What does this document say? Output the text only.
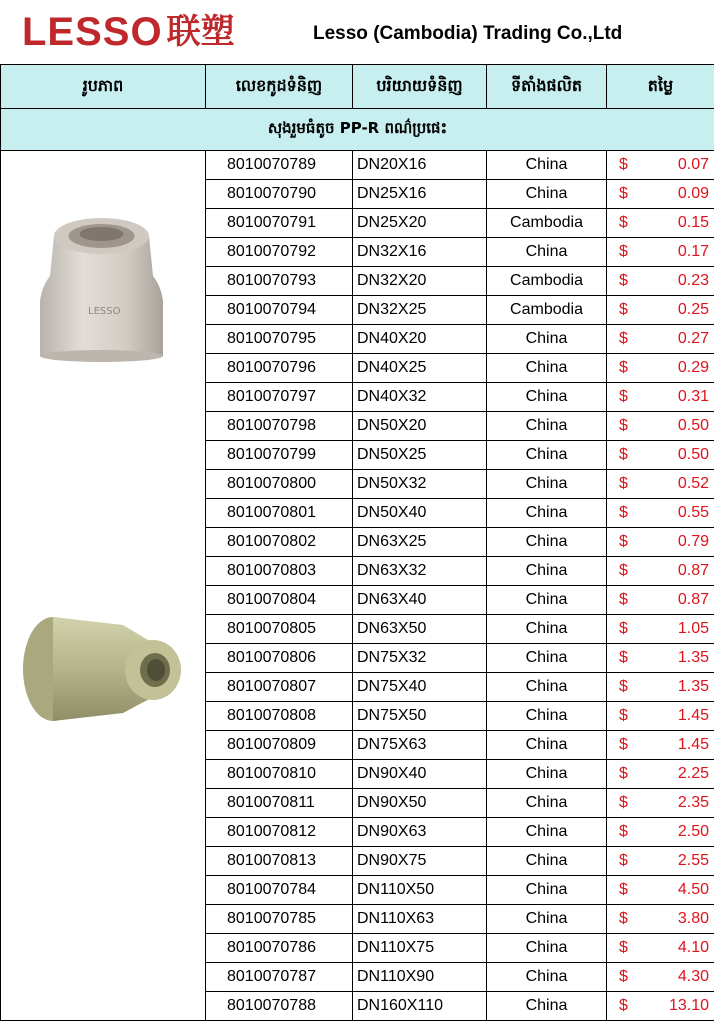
LESSO 联塑	Lesso (Cambodia) Trading Co.,Ltd
រូបភាព	លេខកូដទំនិញ	បរិយាយទំនិញ	ទីតាំងផលិត	តម្លៃ
សុងរួមធំតូច PP-R ពណ៌ប្រផេះ				

LESSO	8010070789	DN20X16	China	$ 0.07

	8010070790	DN25X16	China	$ 0.09

	8010070791	DN25X20	Cambodia	$ 0.15

	8010070792	DN32X16	China	$ 0.17

	8010070793	DN32X20	Cambodia	$ 0.23

	8010070794	DN32X25	Cambodia	$ 0.25

	8010070795	DN40X20	China	$ 0.27

	8010070796	DN40X25	China	$ 0.29

	8010070797	DN40X32	China	$ 0.31

	8010070798	DN50X20	China	$ 0.50

	8010070799	DN50X25	China	$ 0.50

	8010070800	DN50X32	China	$ 0.52

	8010070801	DN50X40	China	$ 0.55

	8010070802	DN63X25	China	$ 0.79

	8010070803	DN63X32	China	$ 0.87

	8010070804	DN63X40	China	$ 0.87

	8010070805	DN63X50	China	$ 1.05

	8010070806	DN75X32	China	$ 1.35

	8010070807	DN75X40	China	$ 1.35

	8010070808	DN75X50	China	$ 1.45

	8010070809	DN75X63	China	$ 1.45

	8010070810	DN90X40	China	$ 2.25

	8010070811	DN90X50	China	$ 2.35

	8010070812	DN90X63	China	$ 2.50

	8010070813	DN90X75	China	$ 2.55

	8010070784	DN110X50	China	$ 4.50

	8010070785	DN110X63	China	$ 3.80

	8010070786	DN110X75	China	$ 4.10

	8010070787	DN110X90	China	$ 4.30

	8010070788	DN160X110	China	$ 13.10
